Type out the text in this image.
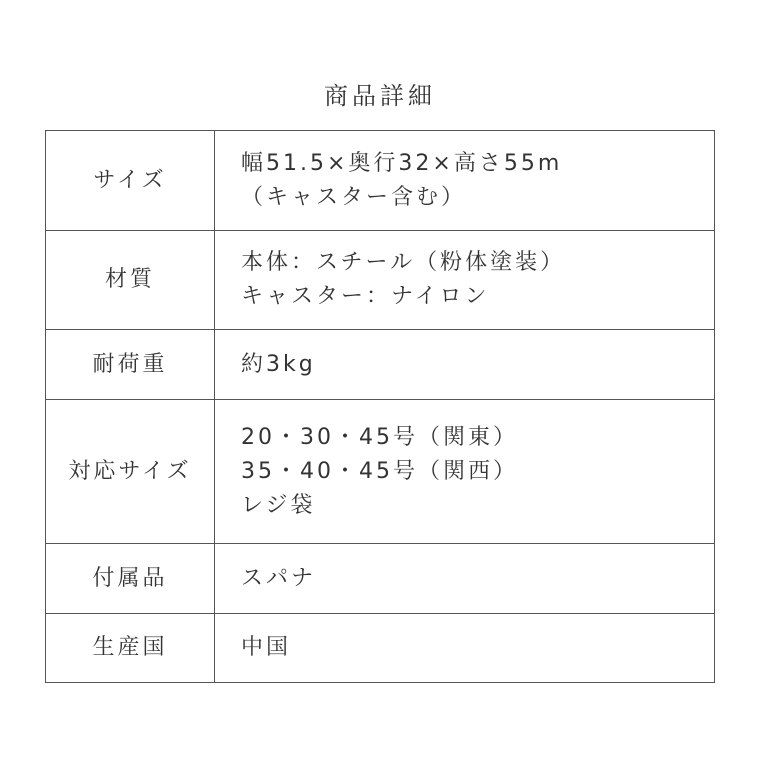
商品詳細
サイズ	幅51.5×奥行32×高さ55m
（キャスター含む）

材質	本体：スチール（粉体塗装）
キャスター：ナイロン

耐荷重	約3kg

対応サイズ	20・30・45号（関東）
35・40・45号（関西）
レジ袋

付属品	スパナ

生産国	中国
